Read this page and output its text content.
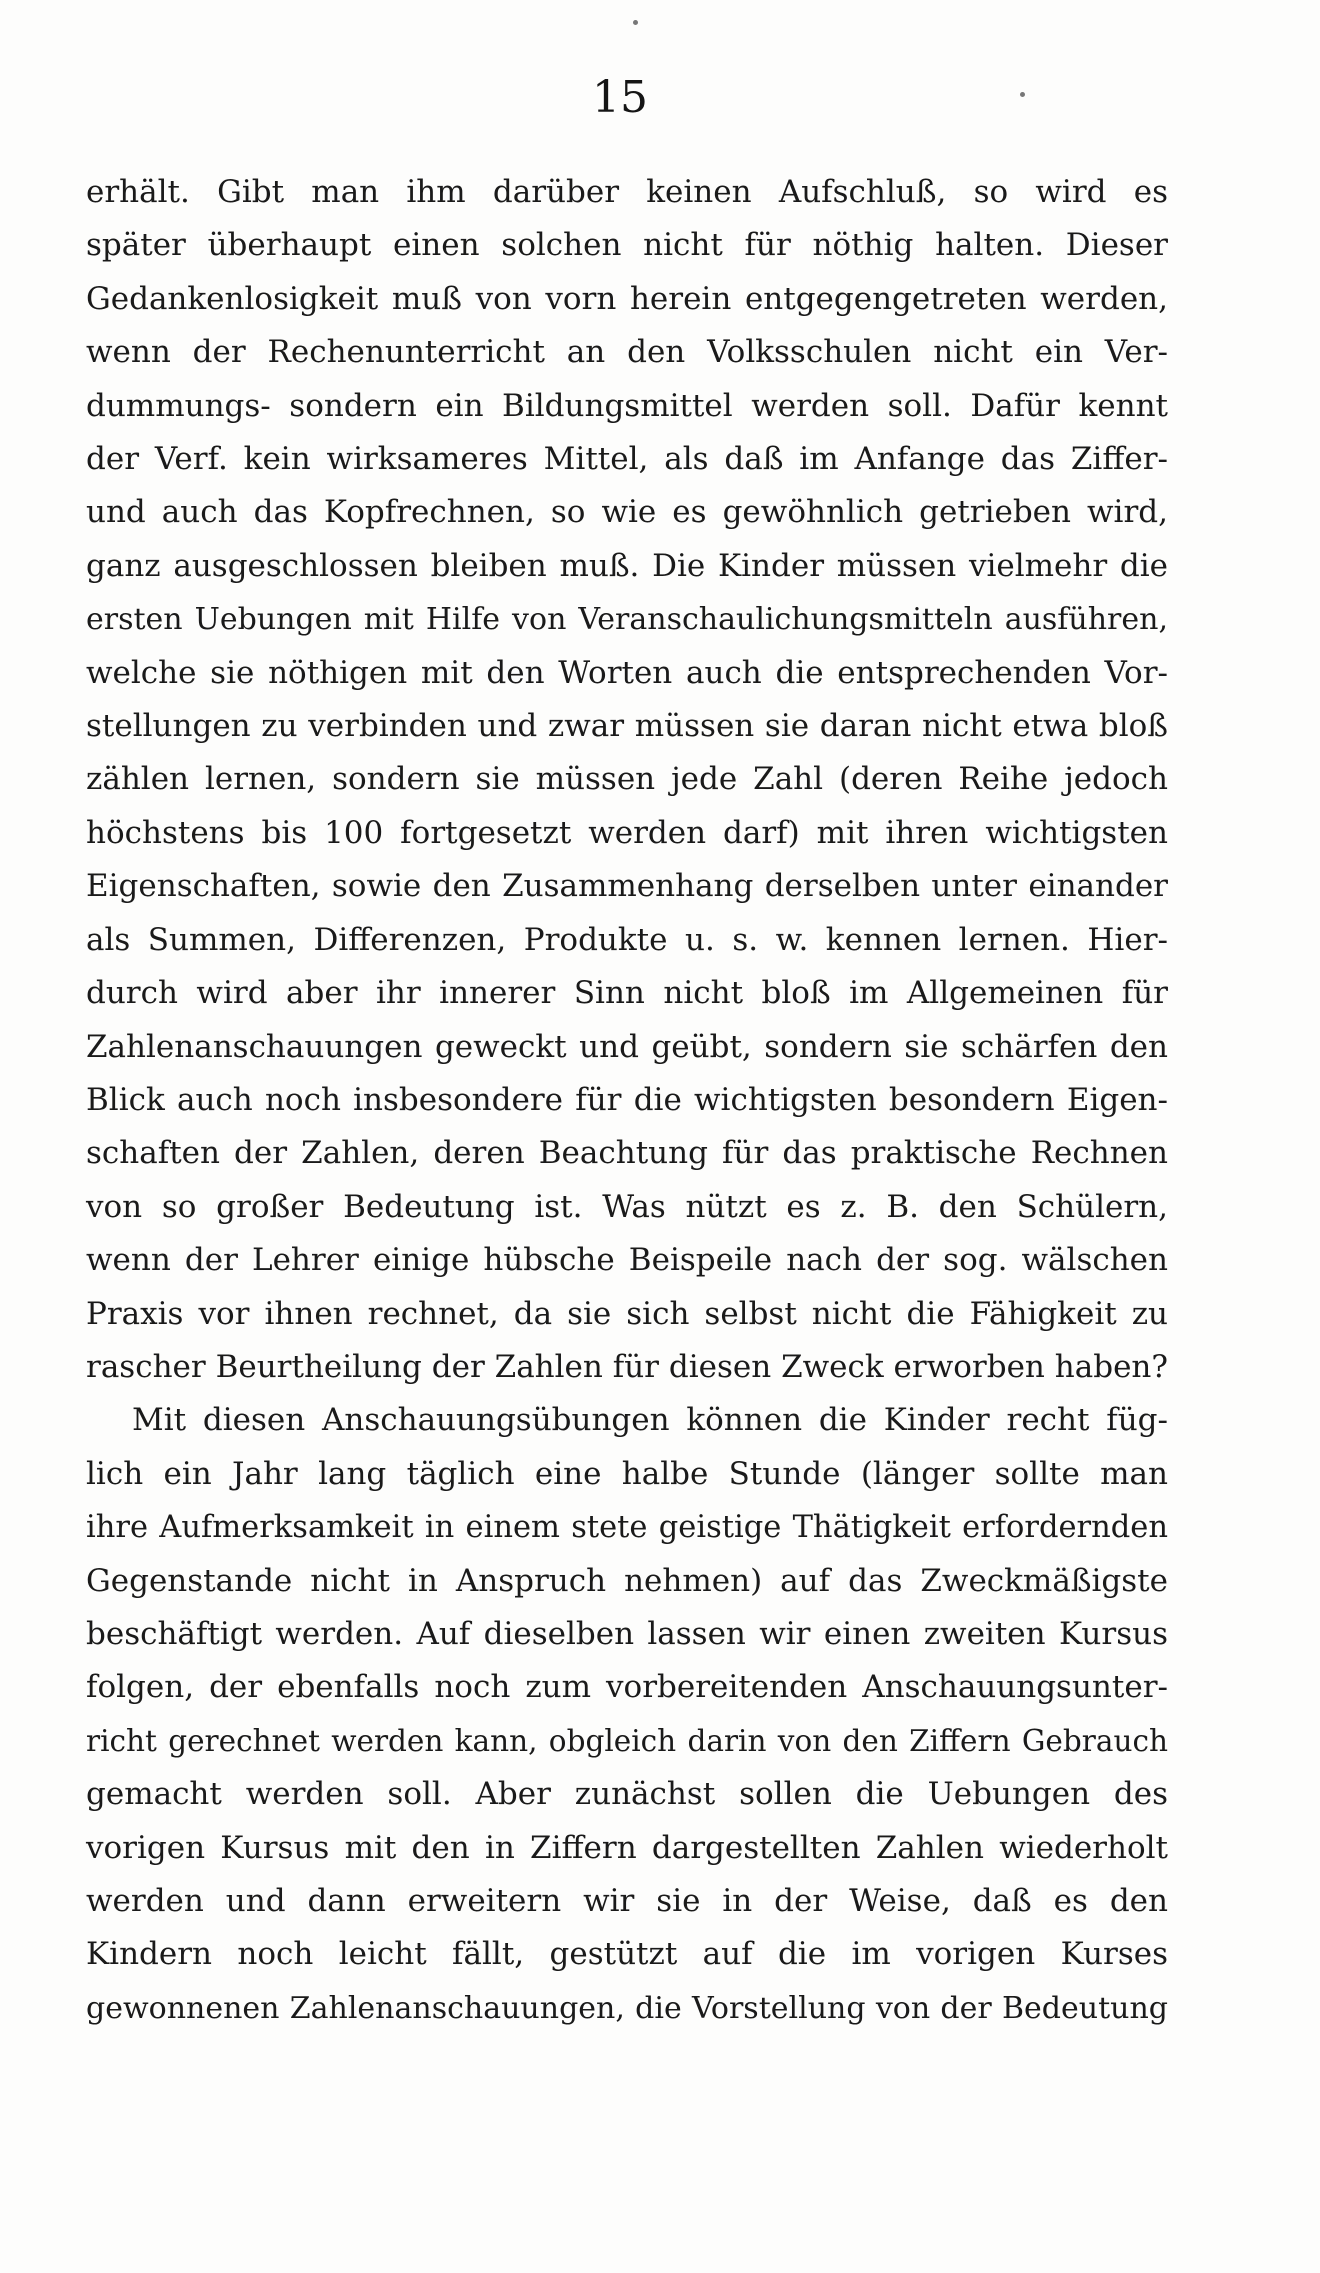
15
erhält. Gibt man ihm darüber keinen Aufschluß, so wird es
später überhaupt einen solchen nicht für nöthig halten. Dieser
Gedankenlosigkeit muß von vorn herein entgegengetreten werden,
wenn der Rechenunterricht an den Volksschulen nicht ein Ver-
dummungs- sondern ein Bildungsmittel werden soll. Dafür kennt
der Verf. kein wirksameres Mittel, als daß im Anfange das Ziffer-
und auch das Kopfrechnen, so wie es gewöhnlich getrieben wird,
ganz ausgeschlossen bleiben muß. Die Kinder müssen vielmehr die
ersten Uebungen mit Hilfe von Veranschaulichungsmitteln ausführen,
welche sie nöthigen mit den Worten auch die entsprechenden Vor-
stellungen zu verbinden und zwar müssen sie daran nicht etwa bloß
zählen lernen, sondern sie müssen jede Zahl (deren Reihe jedoch
höchstens bis 100 fortgesetzt werden darf) mit ihren wichtigsten
Eigenschaften, sowie den Zusammenhang derselben unter einander
als Summen, Differenzen, Produkte u. s. w. kennen lernen. Hier-
durch wird aber ihr innerer Sinn nicht bloß im Allgemeinen für
Zahlenanschauungen geweckt und geübt, sondern sie schärfen den
Blick auch noch insbesondere für die wichtigsten besondern Eigen-
schaften der Zahlen, deren Beachtung für das praktische Rechnen
von so großer Bedeutung ist. Was nützt es z. B. den Schülern,
wenn der Lehrer einige hübsche Beispeile nach der sog. wälschen
Praxis vor ihnen rechnet, da sie sich selbst nicht die Fähigkeit zu
rascher Beurtheilung der Zahlen für diesen Zweck erworben haben?
Mit diesen Anschauungsübungen können die Kinder recht füg-
lich ein Jahr lang täglich eine halbe Stunde (länger sollte man
ihre Aufmerksamkeit in einem stete geistige Thätigkeit erfordernden
Gegenstande nicht in Anspruch nehmen) auf das Zweckmäßigste
beschäftigt werden. Auf dieselben lassen wir einen zweiten Kursus
folgen, der ebenfalls noch zum vorbereitenden Anschauungsunter-
richt gerechnet werden kann, obgleich darin von den Ziffern Gebrauch
gemacht werden soll. Aber zunächst sollen die Uebungen des
vorigen Kursus mit den in Ziffern dargestellten Zahlen wiederholt
werden und dann erweitern wir sie in der Weise, daß es den
Kindern noch leicht fällt, gestützt auf die im vorigen Kurses
gewonnenen Zahlenanschauungen, die Vorstellung von der Bedeutung
